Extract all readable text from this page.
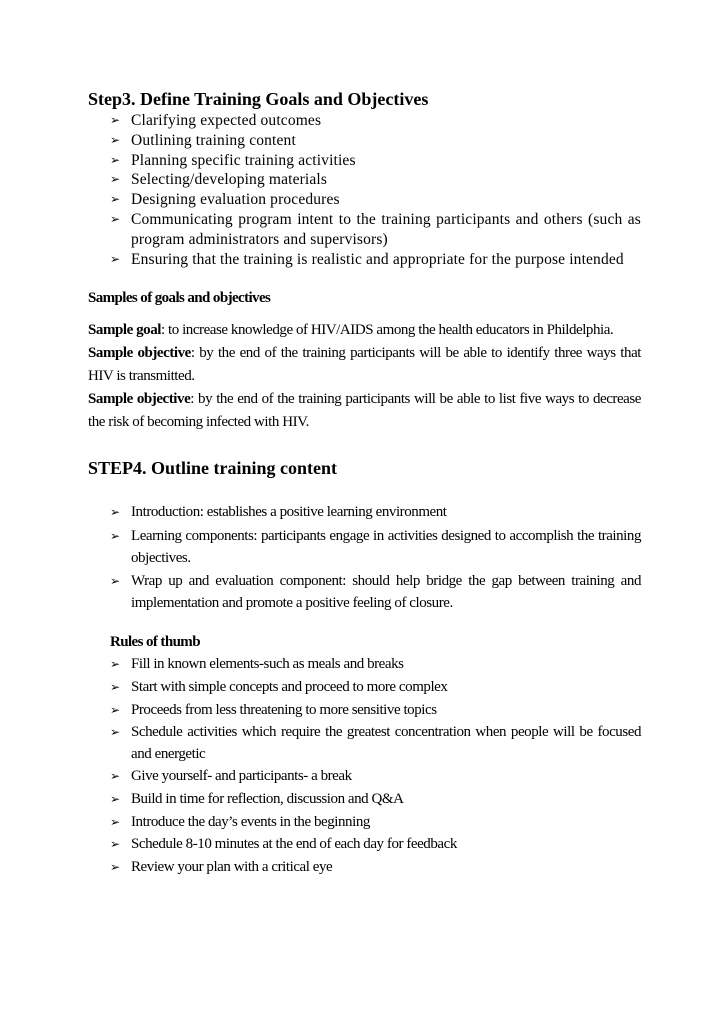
Step3. Define Training Goals and Objectives
➢ Clarifying expected outcomes
➢ Outlining training content
➢ Planning specific training activities
➢ Selecting/developing materials
➢ Designing evaluation procedures
➢ Communicating program intent to the training participants and others (such as program administrators and supervisors)
➢ Ensuring that the training is realistic and appropriate for the purpose intended

Samples of goals and objectives

Sample goal: to increase knowledge of HIV/AIDS among the health educators in Phildelphia.

Sample objective: by the end of the training participants will be able to identify three ways that HIV is transmitted.

Sample objective: by the end of the training participants will be able to list five ways to decrease the risk of becoming infected with HIV.

STEP4. Outline training content
➢ Introduction: establishes a positive learning environment
➢ Learning components: participants engage in activities designed to accomplish the training objectives.
➢ Wrap up and evaluation component: should help bridge the gap between training and implementation and promote a positive feeling of closure.

Rules of thumb

➢ Fill in known elements-such as meals and breaks
➢ Start with simple concepts and proceed to more complex
➢ Proceeds from less threatening to more sensitive topics
➢ Schedule activities which require the greatest concentration when people will be focused and energetic
➢ Give yourself- and participants- a break
➢ Build in time for reflection, discussion and Q&A
➢ Introduce the day’s events in the beginning
➢ Schedule 8-10 minutes at the end of each day for feedback
➢ Review your plan with a critical eye
